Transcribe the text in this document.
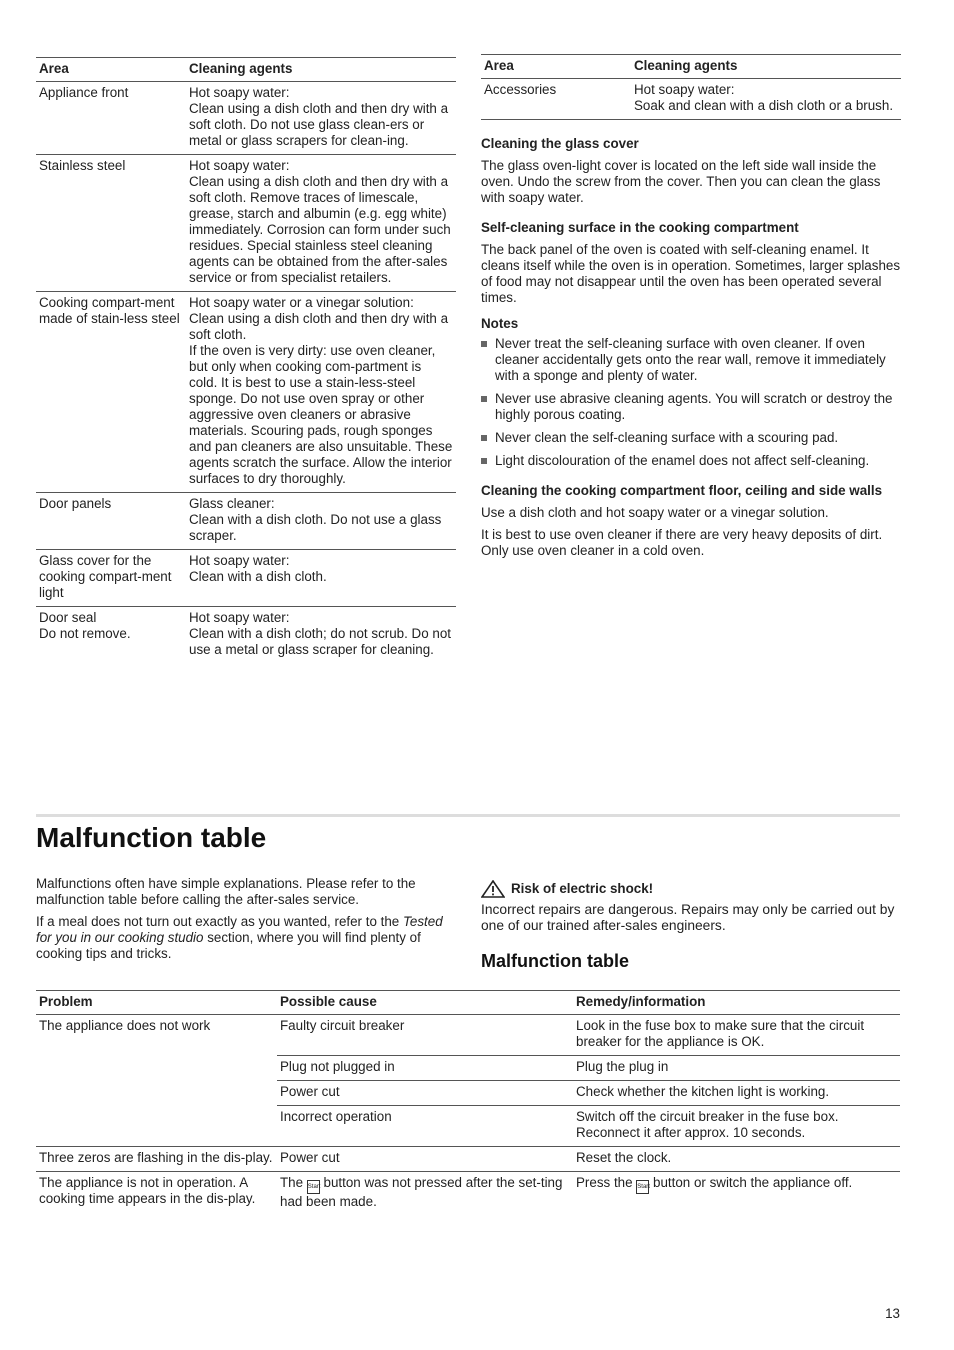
Area	Cleaning agents
Appliance front	Hot soapy water:
Clean using a dish cloth and then dry with a soft cloth. Do not use glass clean-ers or metal or glass scrapers for clean-ing.
Stainless steel	Hot soapy water:
Clean using a dish cloth and then dry with a soft cloth. Remove traces of limescale, grease, starch and albumin (e.g. egg white) immediately. Corrosion can form under such residues. Special stainless steel cleaning agents can be obtained from the after-sales service or from specialist retailers.
Cooking compart-ment made of stain-less steel	Hot soapy water or a vinegar solution:
Clean using a dish cloth and then dry with a soft cloth.
If the oven is very dirty: use oven cleaner, but only when cooking com-partment is cold. It is best to use a stain-less-steel sponge. Do not use oven spray or other aggressive oven cleaners or abrasive materials. Scouring pads, rough sponges and pan cleaners are also unsuitable. These agents scratch the surface. Allow the interior surfaces to dry thoroughly.
Door panels	Glass cleaner:
Clean with a dish cloth. Do not use a glass scraper.
Glass cover for the cooking compart-ment light	Hot soapy water:
Clean with a dish cloth.
Door seal
Do not remove.	Hot soapy water:
Clean with a dish cloth; do not scrub. Do not use a metal or glass scraper for cleaning.
Area	Cleaning agents
Accessories	Hot soapy water:
Soak and clean with a dish cloth or a brush.
Cleaning the glass cover

The glass oven-light cover is located on the left side wall inside the oven. Undo the screw from the cover. Then you can clean the glass with soapy water.

Self-cleaning surface in the cooking compartment

The back panel of the oven is coated with self-cleaning enamel. It cleans itself while the oven is in operation. Sometimes, larger splashes of food may not disappear until the oven has been operated several times.

Notes
Never treat the self-cleaning surface with oven cleaner. If oven cleaner accidentally gets onto the rear wall, remove it immediately with a sponge and plenty of water.
Never use abrasive cleaning agents. You will scratch or destroy the highly porous coating.
Never clean the self-cleaning surface with a scouring pad.
Light discolouration of the enamel does not affect self-cleaning.
Cleaning the cooking compartment floor, ceiling and side walls

Use a dish cloth and hot soapy water or a vinegar solution.

It is best to use oven cleaner if there are very heavy deposits of dirt. Only use oven cleaner in a cold oven.

Malfunction table

Malfunctions often have simple explanations. Please refer to the malfunction table before calling the after-sales service.

If a meal does not turn out exactly as you wanted, refer to the Tested for you in our cooking studio section, where you will find plenty of cooking tips and tricks.

Risk of electric shock!

Incorrect repairs are dangerous. Repairs may only be carried out by one of our trained after-sales engineers.

Malfunction table
Problem	Possible cause	Remedy/information
The appliance does not work	Faulty circuit breaker	Look in the fuse box to make sure that the circuit breaker for the appliance is OK.
	Plug not plugged in	Plug the plug in
	Power cut	Check whether the kitchen light is working.
	Incorrect operation	Switch off the circuit breaker in the fuse box. Reconnect it after approx. 10 seconds.
Three zeros are flashing in the dis-play.	Power cut	Reset the clock.
The appliance is not in operation. A cooking time appears in the dis-play.	The Start button was not pressed after the set-ting had been made.	Press the Start button or switch the appliance off.
13
